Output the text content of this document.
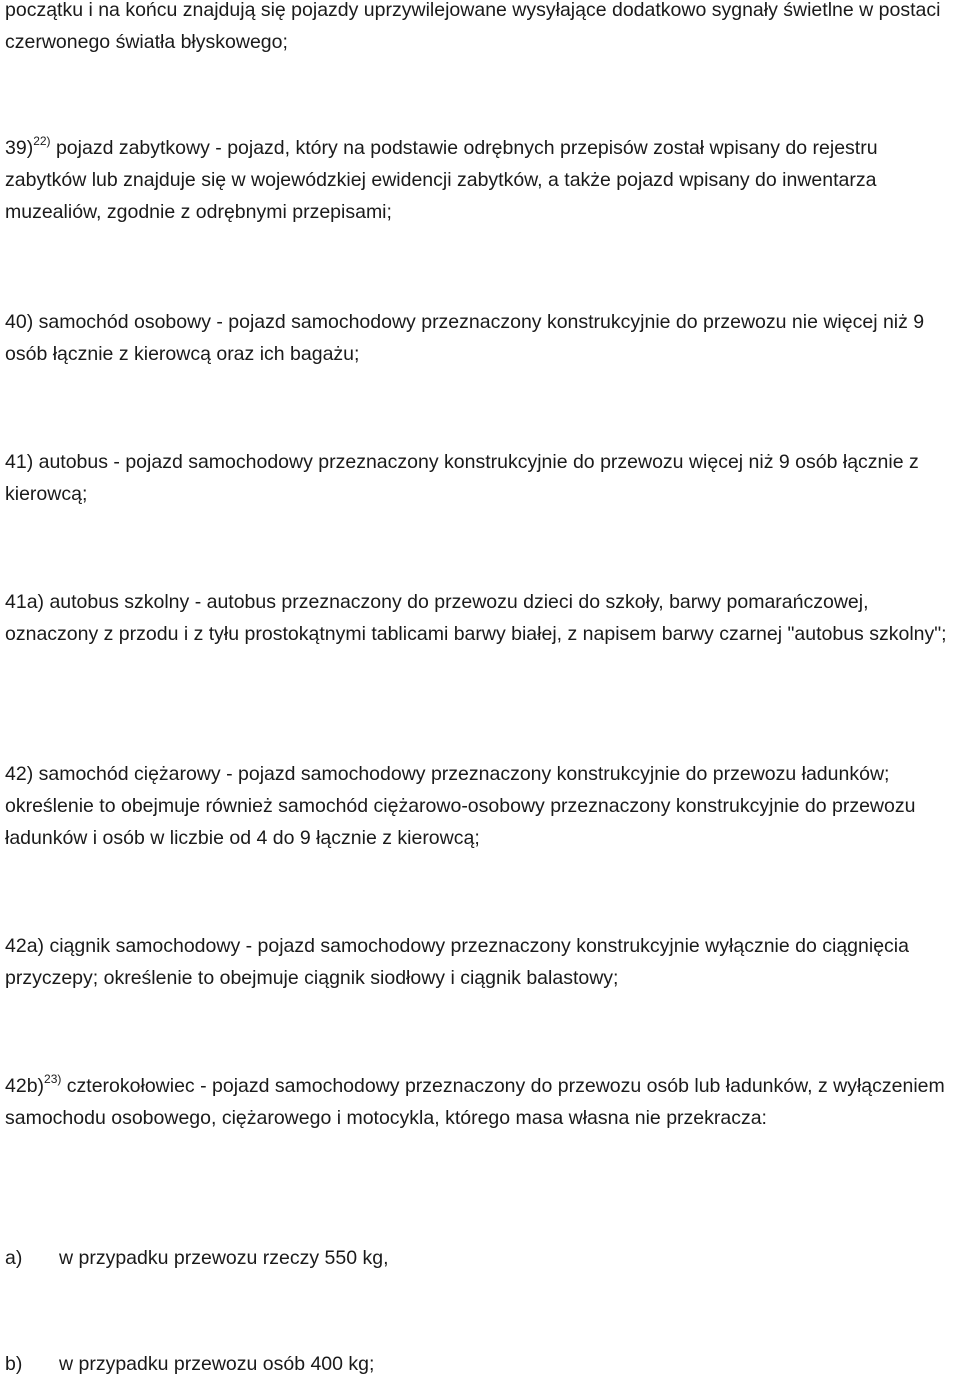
początku i na końcu znajdują się pojazdy uprzywilejowane wysyłające dodatkowo sygnały świetlne w postaci czerwonego światła błyskowego;

39)$^{22)}$ pojazd zabytkowy - pojazd, który na podstawie odrębnych przepisów został wpisany do rejestru zabytków lub znajduje się w wojewódzkiej ewidencji zabytków, a także pojazd wpisany do inwentarza muzealiów, zgodnie z odrębnymi przepisami;

40) samochód osobowy - pojazd samochodowy przeznaczony konstrukcyjnie do przewozu nie więcej niż 9 osób łącznie z kierowcą oraz ich bagażu;

41) autobus - pojazd samochodowy przeznaczony konstrukcyjnie do przewozu więcej niż 9 osób łącznie z kierowcą;

41a) autobus szkolny - autobus przeznaczony do przewozu dzieci do szkoły, barwy pomarańczowej, oznaczony z przodu i z tyłu prostokątnymi tablicami barwy białej, z napisem barwy czarnej "autobus szkolny";

42) samochód ciężarowy - pojazd samochodowy przeznaczony konstrukcyjnie do przewozu ładunków; określenie to obejmuje również samochód ciężarowo-osobowy przeznaczony konstrukcyjnie do przewozu ładunków i osób w liczbie od 4 do 9 łącznie z kierowcą;

42a) ciągnik samochodowy - pojazd samochodowy przeznaczony konstrukcyjnie wyłącznie do ciągnięcia przyczepy; określenie to obejmuje ciągnik siodłowy i ciągnik balastowy;

42b)$^{23)}$ czterokołowiec - pojazd samochodowy przeznaczony do przewozu osób lub ładunków, z wyłączeniem samochodu osobowego, ciężarowego i motocykla, którego masa własna nie przekracza:

a) w przypadku przewozu rzeczy 550 kg,

b) w przypadku przewozu osób 400 kg;
